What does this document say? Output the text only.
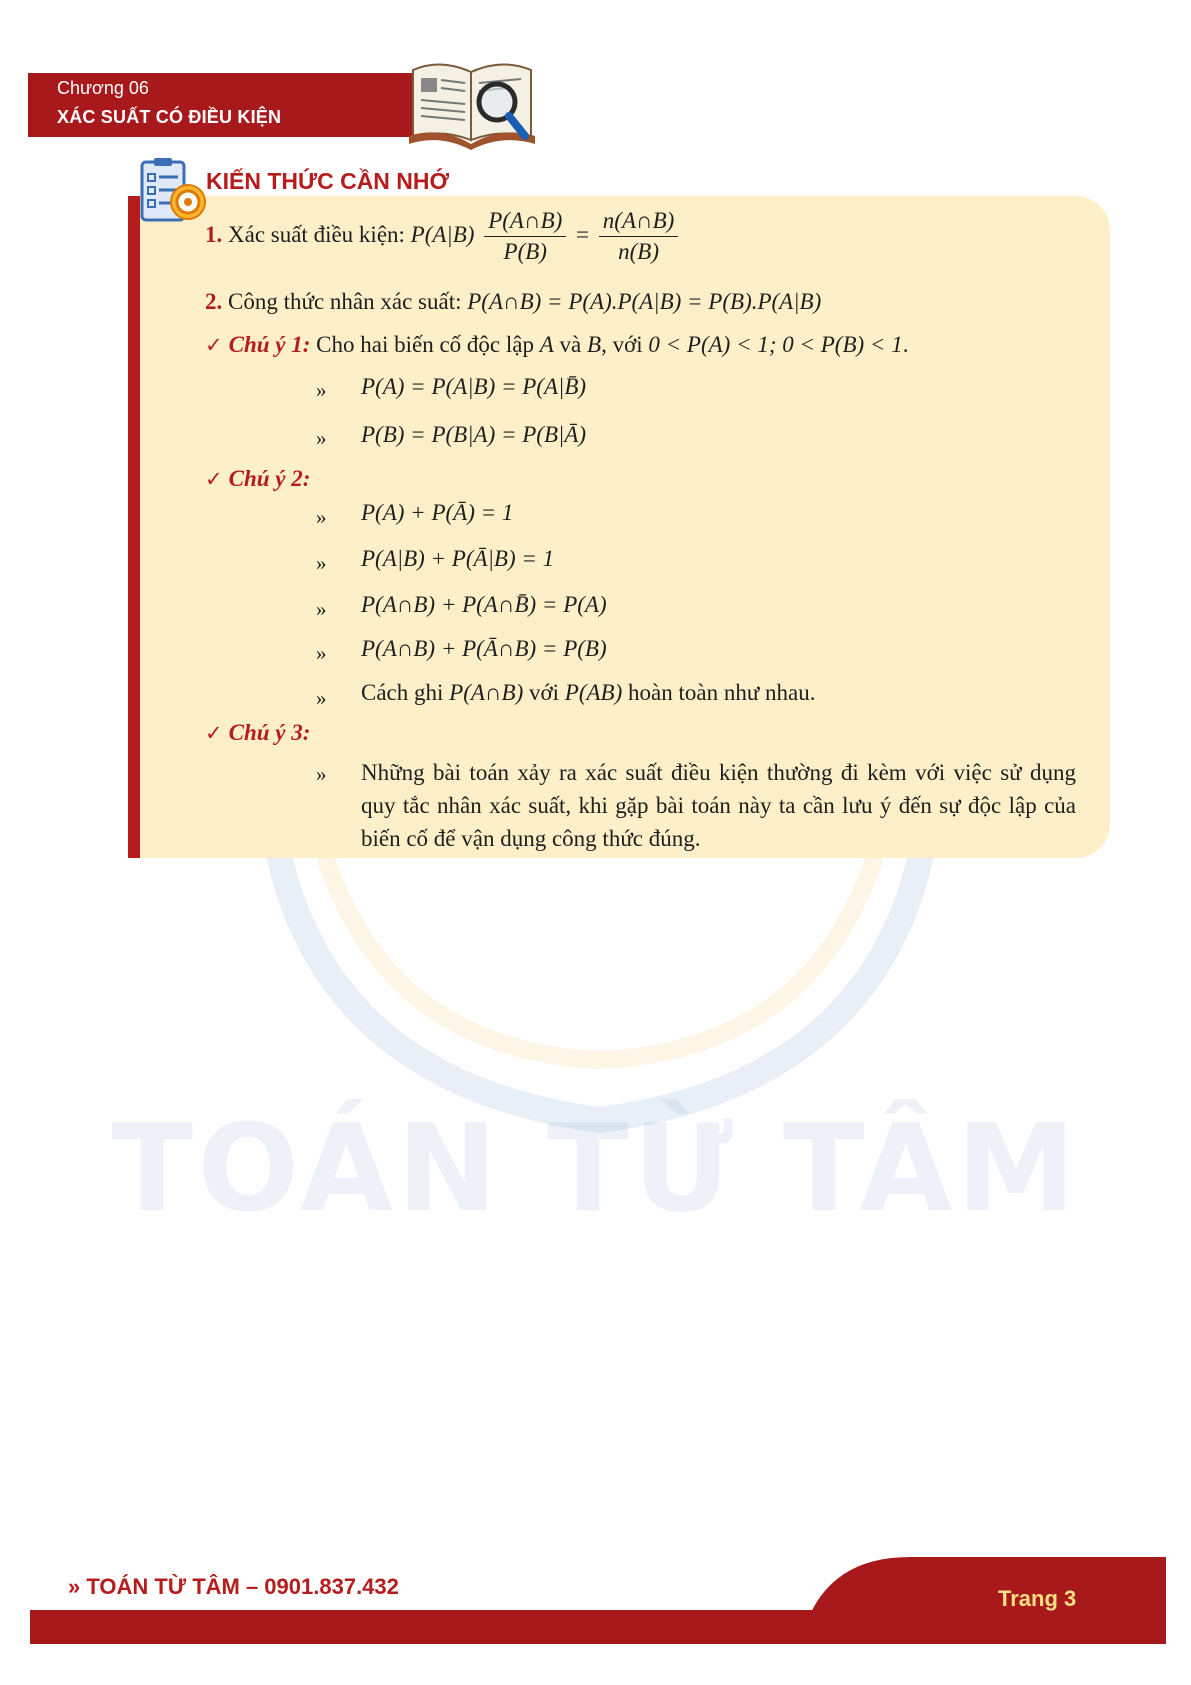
Chương 06
XÁC SUẤT CÓ ĐIỀU KIỆN
TOÁN TỪ TÂM
KIẾN THỨC CẦN NHỚ
1. Xác suất điều kiện: $P(A|B) \frac{P(A\cap B)}{P(B)} = \frac{n(A\cap B)}{n(B)}$
2. Công thức nhân xác suất: P(A∩B) = P(A).P(A|B) = P(B).P(A|B)
✓ Chú ý 1: Cho hai biến cố độc lập A và B, với 0 < P(A) < 1; 0 < P(B) < 1.
» P(A) = P(A|B) = P(A|B̄)
» P(B) = P(B|A) = P(B|Ā)
✓ Chú ý 2:
» P(A) + P(Ā) = 1
» P(A|B) + P(Ā|B) = 1
» P(A∩B) + P(A∩B̄) = P(A)
» P(A∩B) + P(Ā∩B) = P(B)
» Cách ghi P(A∩B) với P(AB) hoàn toàn như nhau.
✓ Chú ý 3:
» Những bài toán xảy ra xác suất điều kiện thường đi kèm với việc sử dụng quy tắc nhân xác suất, khi gặp bài toán này ta cần lưu ý đến sự độc lập của biến cố để vận dụng công thức đúng.
» TOÁN TỪ TÂM – 0901.837.432	Trang 3
